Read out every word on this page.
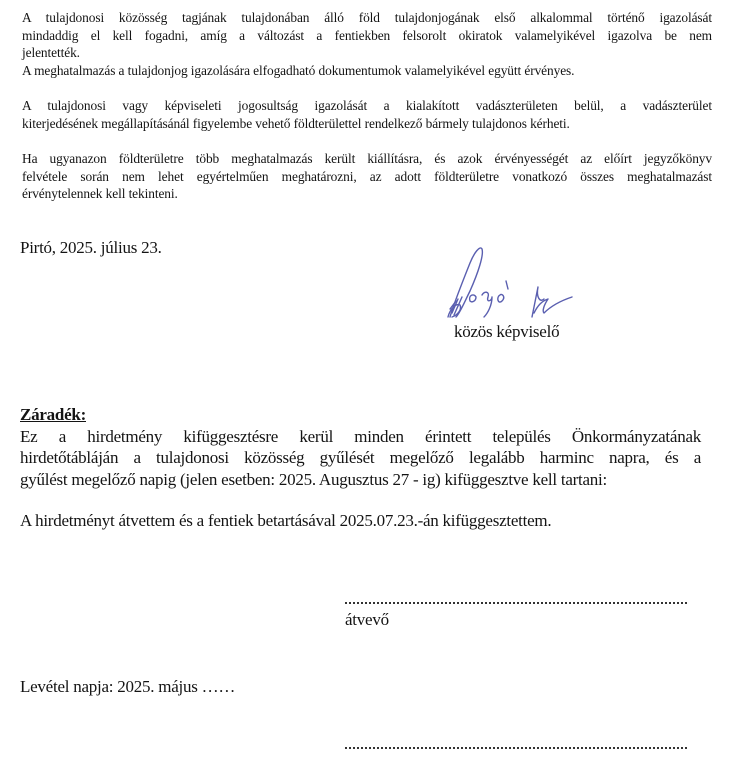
A tulajdonosi közösség tagjának tulajdonában álló föld tulajdonjogának első alkalommal történő igazolását

mindaddig el kell fogadni, amíg a változást a fentiekben felsorolt okiratok valamelyikével igazolva be nem

jelentették.

A meghatalmazás a tulajdonjog igazolására elfogadható dokumentumok valamelyikével együtt érvényes.

A tulajdonosi vagy képviseleti jogosultság igazolását a kialakított vadászterületen belül, a vadászterület

kiterjedésének megállapításánál figyelembe vehető földterülettel rendelkező bármely tulajdonos kérheti.

Ha ugyanazon földterületre több meghatalmazás került kiállításra, és azok érvényességét az előírt jegyzőkönyv

felvétele során nem lehet egyértelműen meghatározni, az adott földterületre vonatkozó összes meghatalmazást

érvénytelennek kell tekinteni.

Pirtó, 2025. július 23.
közös képviselő
Záradék:
Ez a hirdetmény kifüggesztésre kerül minden érintett település Önkormányzatának
hirdetőtábláján a tulajdonosi közösség gyűlését megelőző legalább harminc napra, és a
gyűlést megelőző napig (jelen esetben: 2025. Augusztus 27 - ig) kifüggesztve kell tartani:
A hirdetményt átvettem és a fentiek betartásával 2025.07.23.-án kifüggesztettem.
átvevő
Levétel napja: 2025. május ……
